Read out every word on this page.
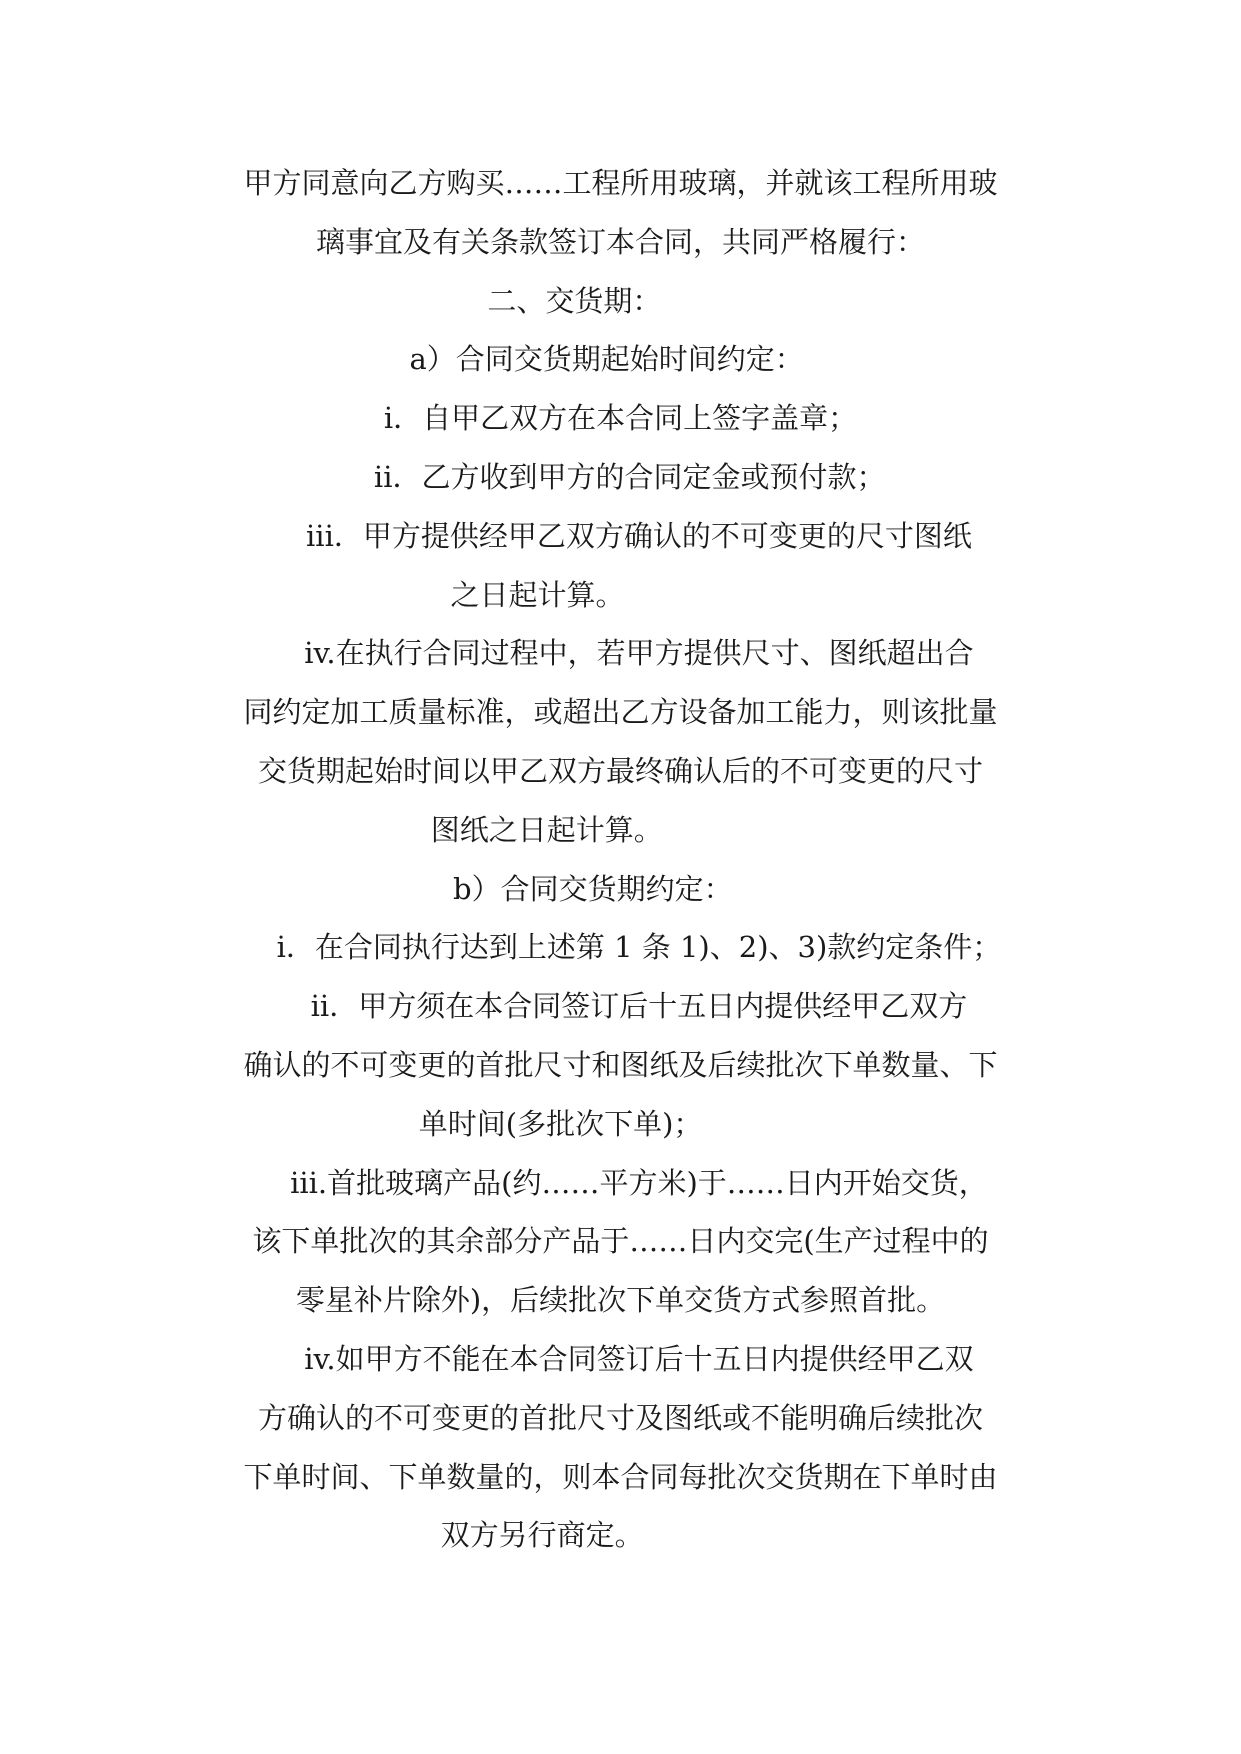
甲方同意向乙方购买……工程所用玻璃，并就该工程所用玻
璃事宜及有关条款签订本合同，共同严格履行：
二、交货期：
a）合同交货期起始时间约定：
i．自甲乙双方在本合同上签字盖章；
ii．乙方收到甲方的合同定金或预付款；
iii．甲方提供经甲乙双方确认的不可变更的尺寸图纸
之日起计算。
iv.在执行合同过程中，若甲方提供尺寸、图纸超出合
同约定加工质量标准，或超出乙方设备加工能力，则该批量
交货期起始时间以甲乙双方最终确认后的不可变更的尺寸
图纸之日起计算。
b）合同交货期约定：
i．在合同执行达到上述第 1 条 1)、2)、3)款约定条件；
ii．甲方须在本合同签订后十五日内提供经甲乙双方
确认的不可变更的首批尺寸和图纸及后续批次下单数量、下
单时间(多批次下单)；
iii.首批玻璃产品(约……平方米)于……日内开始交货，
该下单批次的其余部分产品于……日内交完(生产过程中的
零星补片除外)，后续批次下单交货方式参照首批。
iv.如甲方不能在本合同签订后十五日内提供经甲乙双
方确认的不可变更的首批尺寸及图纸或不能明确后续批次
下单时间、下单数量的，则本合同每批次交货期在下单时由
双方另行商定。
